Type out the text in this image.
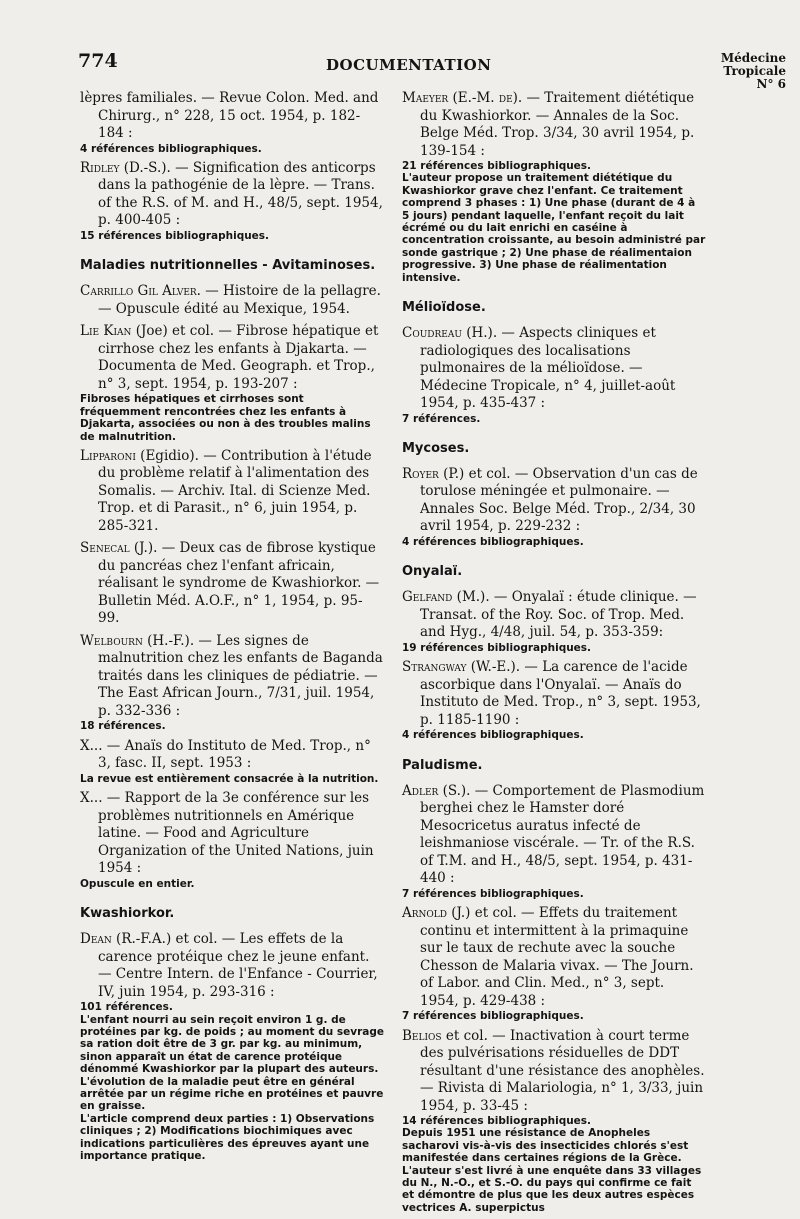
774	DOCUMENTATION	Médecine
Tropicale
N° 6
lèpres familiales. — Revue Colon. Med. and Chirurg., n° 228, 15 oct. 1954, p. 182-184 :

4 références bibliographiques.

Ridley (D.-S.). — Signification des anticorps dans la pathogénie de la lèpre. — Trans. of the R.S. of M. and H., 48/5, sept. 1954, p. 400-405 :

15 références bibliographiques.

Maladies nutritionnelles - Avitaminoses.
Carrillo Gil Alver. — Histoire de la pellagre. — Opuscule édité au Mexique, 1954.
Lie Kian (Joe) et col. — Fibrose hépatique et cirrhose chez les enfants à Djakarta. — Documenta de Med. Geograph. et Trop., n° 3, sept. 1954, p. 193-207 :

Fibroses hépatiques et cirrhoses sont fréquemment rencontrées chez les enfants à Djakarta, associées ou non à des troubles malins de malnutrition.

Lipparoni (Egidio). — Contribution à l'étude du problème relatif à l'alimentation des Somalis. — Archiv. Ital. di Scienze Med. Trop. et di Parasit., n° 6, juin 1954, p. 285-321.
Senecal (J.). — Deux cas de fibrose kystique du pancréas chez l'enfant africain, réalisant le syndrome de Kwashiorkor. — Bulletin Méd. A.O.F., n° 1, 1954, p. 95-99.
Welbourn (H.-F.). — Les signes de malnutrition chez les enfants de Baganda traités dans les cliniques de pédiatrie. — The East African Journ., 7/31, juil. 1954, p. 332-336 :

18 références.

X... — Anaïs do Instituto de Med. Trop., n° 3, fasc. II, sept. 1953 :

La revue est entièrement consacrée à la nutrition.

X... — Rapport de la 3e conférence sur les problèmes nutritionnels en Amérique latine. — Food and Agriculture Organization of the United Nations, juin 1954 :

Opuscule en entier.

Kwashiorkor.
Dean (R.-F.A.) et col. — Les effets de la carence protéique chez le jeune enfant. — Centre Intern. de l'Enfance - Courrier, IV, juin 1954, p. 293-316 :

101 références.

L'enfant nourri au sein reçoit environ 1 g. de protéines par kg. de poids ; au moment du sevrage sa ration doit être de 3 gr. par kg. au minimum, sinon apparaît un état de carence protéique dénommé Kwashiorkor par la plupart des auteurs.

L'évolution de la maladie peut être en général arrêtée par un régime riche en protéines et pauvre en graisse.

L'article comprend deux parties : 1) Observations cliniques ; 2) Modifications biochimiques avec indications particulières des épreuves ayant une importance pratique.

Maeyer (E.-M. de). — Traitement diététique du Kwashiorkor. — Annales de la Soc. Belge Méd. Trop. 3/34, 30 avril 1954, p. 139-154 :

21 références bibliographiques.

L'auteur propose un traitement diététique du Kwashiorkor grave chez l'enfant. Ce traitement comprend 3 phases : 1) Une phase (durant de 4 à 5 jours) pendant laquelle, l'enfant reçoit du lait écrémé ou du lait enrichi en caséine à concentration croissante, au besoin administré par sonde gastrique ; 2) Une phase de réalimentaion progressive. 3) Une phase de réalimentation intensive.

Mélioïdose.
Coudreau (H.). — Aspects cliniques et radiologiques des localisations pulmonaires de la mélioïdose. — Médecine Tropicale, n° 4, juillet-août 1954, p. 435-437 :

7 références.

Mycoses.
Royer (P.) et col. — Observation d'un cas de torulose méningée et pulmonaire. — Annales Soc. Belge Méd. Trop., 2/34, 30 avril 1954, p. 229-232 :

4 références bibliographiques.

Onyalaï.
Gelfand (M.). — Onyalaï : étude clinique. — Transat. of the Roy. Soc. of Trop. Med. and Hyg., 4/48, juil. 54, p. 353-359:

19 références bibliographiques.

Strangway (W.-E.). — La carence de l'acide ascorbique dans l'Onyalaï. — Anaïs do Instituto de Med. Trop., n° 3, sept. 1953, p. 1185-1190 :

4 références bibliographiques.

Paludisme.
Adler (S.). — Comportement de Plasmodium berghei chez le Hamster doré Mesocricetus auratus infecté de leishmaniose viscérale. — Tr. of the R.S. of T.M. and H., 48/5, sept. 1954, p. 431-440 :

7 références bibliographiques.

Arnold (J.) et col. — Effets du traitement continu et intermittent à la primaquine sur le taux de rechute avec la souche Chesson de Malaria vivax. — The Journ. of Labor. and Clin. Med., n° 3, sept. 1954, p. 429-438 :

7 références bibliographiques.

Belios et col. — Inactivation à court terme des pulvérisations résiduelles de DDT résultant d'une résistance des anophèles. — Rivista di Malariologia, n° 1, 3/33, juin 1954, p. 33-45 :

14 références bibliographiques.

Depuis 1951 une résistance de Anopheles sacharovi vis-à-vis des insecticides chlorés s'est manifestée dans certaines régions de la Grèce. L'auteur s'est livré à une enquête dans 33 villages du N., N.-O., et S.-O. du pays qui confirme ce fait et démontre de plus que les deux autres espèces vectrices A. superpictus
